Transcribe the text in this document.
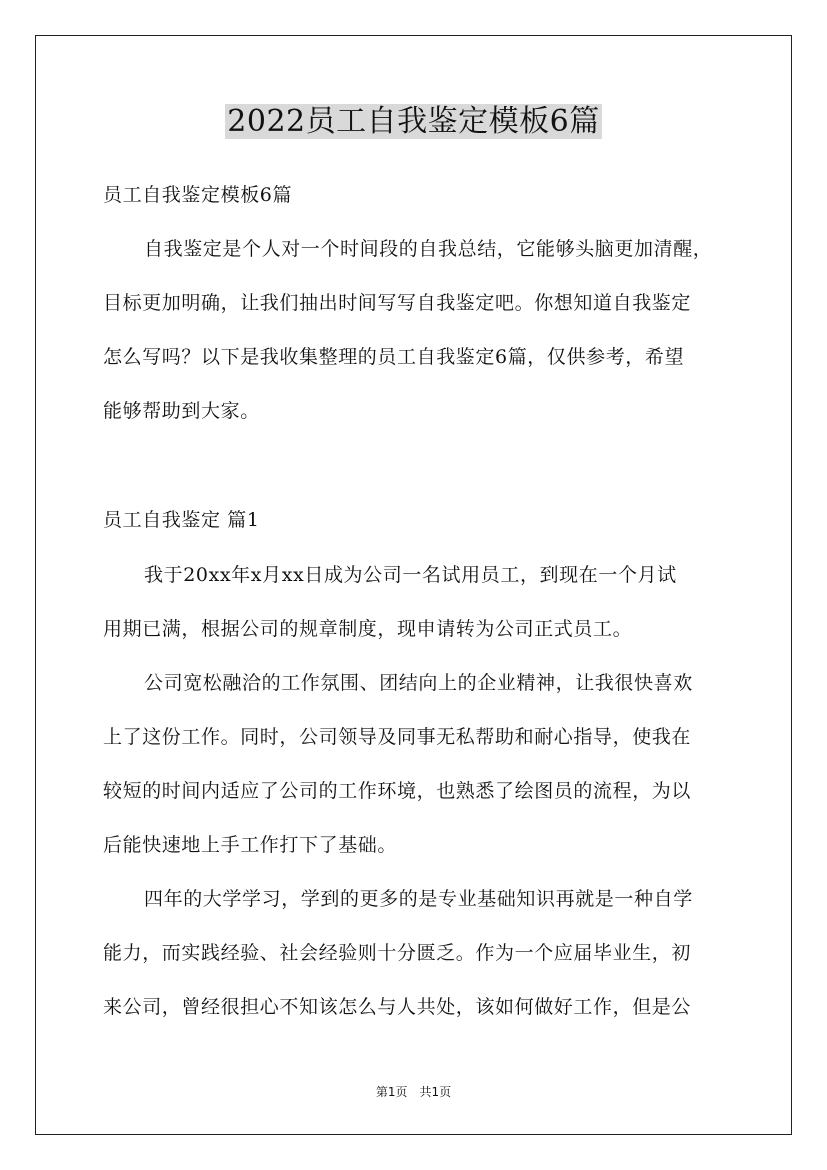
2022员工自我鉴定模板6篇
员工自我鉴定模板6篇
自我鉴定是个人对一个时间段的自我总结，它能够头脑更加清醒，
目标更加明确，让我们抽出时间写写自我鉴定吧。你想知道自我鉴定
怎么写吗？以下是我收集整理的员工自我鉴定6篇，仅供参考，希望
能够帮助到大家。
员工自我鉴定 篇1
我于20xx年x月xx日成为公司一名试用员工，到现在一个月试
用期已满，根据公司的规章制度，现申请转为公司正式员工。
公司宽松融洽的工作氛围、团结向上的企业精神，让我很快喜欢
上了这份工作。同时，公司领导及同事无私帮助和耐心指导，使我在
较短的时间内适应了公司的工作环境，也熟悉了绘图员的流程，为以
后能快速地上手工作打下了基础。
四年的大学学习，学到的更多的是专业基础知识再就是一种自学
能力，而实践经验、社会经验则十分匮乏。作为一个应届毕业生，初
来公司，曾经很担心不知该怎么与人共处，该如何做好工作，但是公
第1页 共1页
